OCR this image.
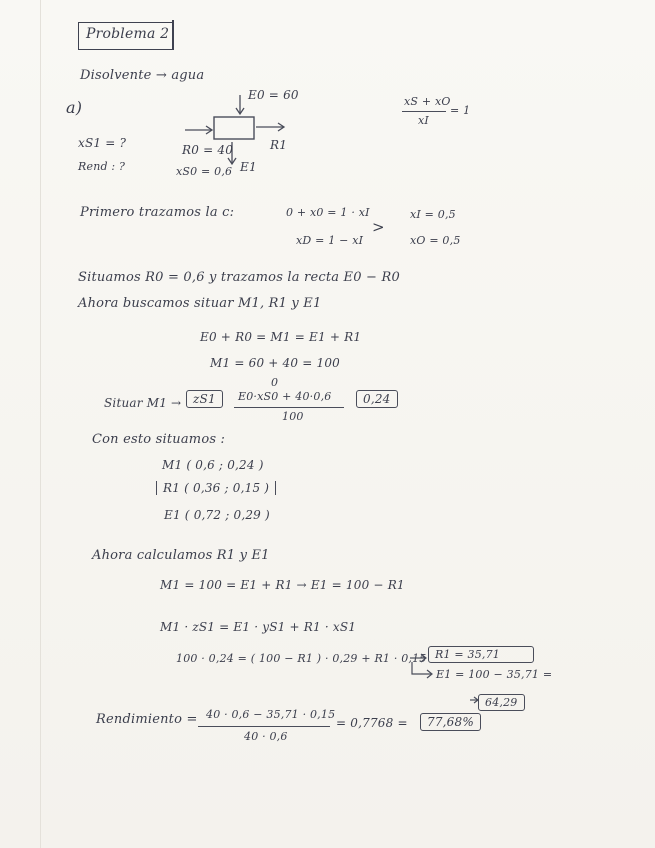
Problema 2
Disolvente → agua
a)
xS1 = ?
Rend : ?
E0 = 60
R0 = 40	R1
xS0 = 0,6 E1
xS + xO
xI
= 1
Primero trazamos la c:	0 + x0 = 1 · xI
xD = 1 − xI
>
xI = 0,5
xO = 0,5
Situamos R0 = 0,6 y trazamos la recta E0 − R0
Ahora buscamos situar M1, R1 y E1
E0 + R0 = M1 = E1 + R1
M1 = 60 + 40 = 100
Situar M1 → zS1
0
E0·xS0 + 40·0,6
100
0,24
Con esto situamos :
M1 ( 0,6 ; 0,24 )
R1 ( 0,36 ; 0,15 )
E1 ( 0,72 ; 0,29 )
Ahora calculamos R1 y E1
M1 = 100 = E1 + R1 → E1 = 100 − R1
M1 · zS1 = E1 · yS1 + R1 · xS1
100 · 0,24 = ( 100 − R1 ) · 0,29 + R1 · 0,15 R1 = 35,71
E1 = 100 − 35,71 =
64,29
Rendimiento = 40 · 0,6 − 35,71 · 0,15
40 · 0,6
= 0,7768 =	77,68%
